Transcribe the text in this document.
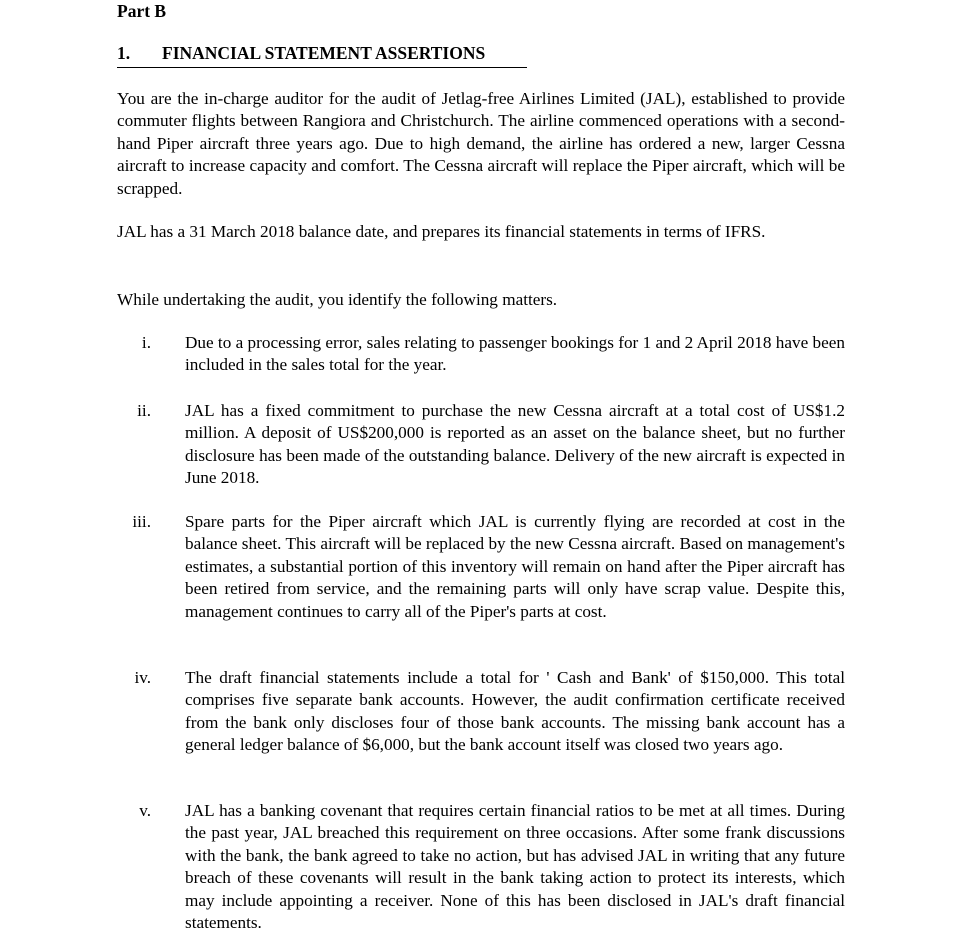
Part B
1. FINANCIAL STATEMENT ASSERTIONS

You are the in-charge auditor for the audit of Jetlag-free Airlines Limited (JAL), established to provide commuter flights between Rangiora and Christchurch. The airline commenced operations with a second-hand Piper aircraft three years ago. Due to high demand, the airline has ordered a new, larger Cessna aircraft to increase capacity and comfort. The Cessna aircraft will replace the Piper aircraft, which will be scrapped.

JAL has a 31 March 2018 balance date, and prepares its financial statements in terms of IFRS.

While undertaking the audit, you identify the following matters.

i. Due to a processing error, sales relating to passenger bookings for 1 and 2 April 2018 have been included in the sales total for the year.

ii. JAL has a fixed commitment to purchase the new Cessna aircraft at a total cost of US$1.2 million. A deposit of US$200,000 is reported as an asset on the balance sheet, but no further disclosure has been made of the outstanding balance. Delivery of the new aircraft is expected in June 2018.

iii. Spare parts for the Piper aircraft which JAL is currently flying are recorded at cost in the balance sheet. This aircraft will be replaced by the new Cessna aircraft. Based on management's estimates, a substantial portion of this inventory will remain on hand after the Piper aircraft has been retired from service, and the remaining parts will only have scrap value. Despite this, management continues to carry all of the Piper's parts at cost.

iv. The draft financial statements include a total for ' Cash and Bank' of $150,000. This total comprises five separate bank accounts. However, the audit confirmation certificate received from the bank only discloses four of those bank accounts. The missing bank account has a general ledger balance of $6,000, but the bank account itself was closed two years ago.

v. JAL has a banking covenant that requires certain financial ratios to be met at all times. During the past year, JAL breached this requirement on three occasions. After some frank discussions with the bank, the bank agreed to take no action, but has advised JAL in writing that any future breach of these covenants will result in the bank taking action to protect its interests, which may include appointing a receiver. None of this has been disclosed in JAL's draft financial statements.
